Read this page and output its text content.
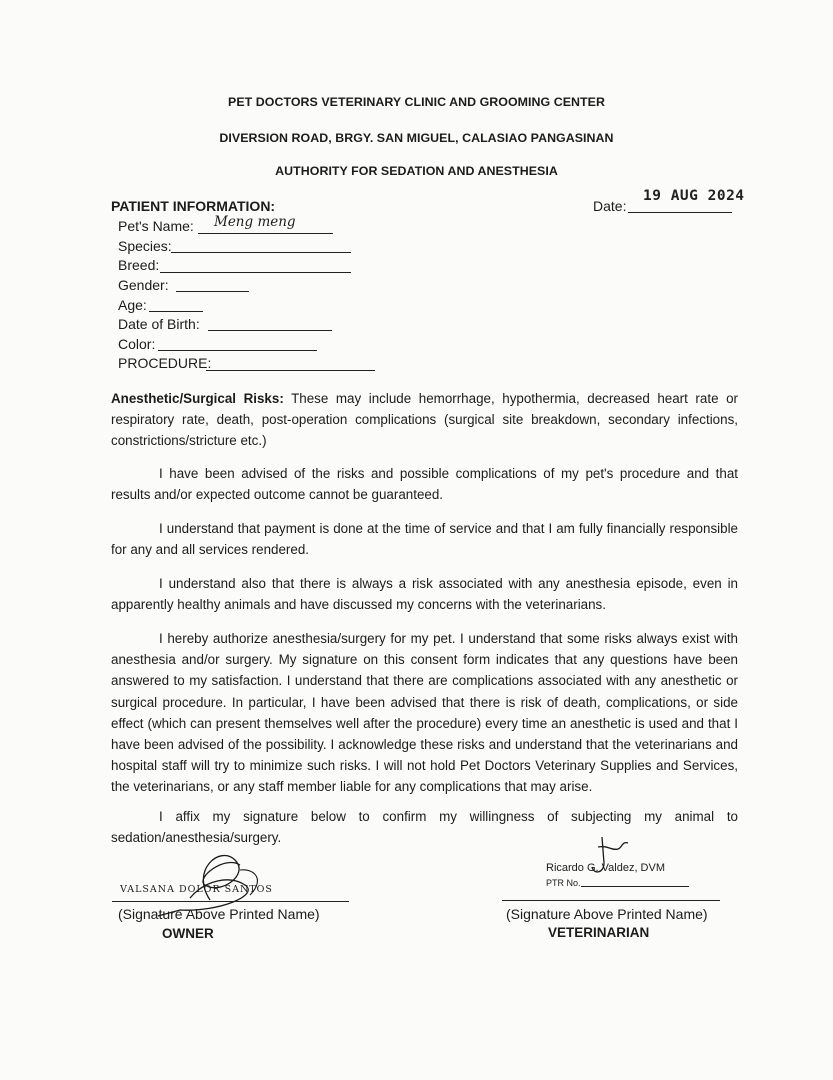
PET DOCTORS VETERINARY CLINIC AND GROOMING CENTER
DIVERSION ROAD, BRGY. SAN MIGUEL, CALASIAO PANGASINAN
AUTHORITY FOR SEDATION AND ANESTHESIA
PATIENT INFORMATION:	Date:
19 AUG 2024
Pet's Name: Meng meng
Species:
Breed:
Gender:
Age:
Date of Birth:
Color:
PROCEDURE:
Anesthetic/Surgical Risks: These may include hemorrhage, hypothermia, decreased heart rate or respiratory rate, death, post-operation complications (surgical site breakdown, secondary infections, constrictions/stricture etc.)
I have been advised of the risks and possible complications of my pet's procedure and that results and/or expected outcome cannot be guaranteed.
I understand that payment is done at the time of service and that I am fully financially responsible for any and all services rendered.
I understand also that there is always a risk associated with any anesthesia episode, even in apparently healthy animals and have discussed my concerns with the veterinarians.
I hereby authorize anesthesia/surgery for my pet. I understand that some risks always exist with anesthesia and/or surgery. My signature on this consent form indicates that any questions have been answered to my satisfaction. I understand that there are complications associated with any anesthetic or surgical procedure. In particular, I have been advised that there is risk of death, complications, or side effect (which can present themselves well after the procedure) every time an anesthetic is used and that I have been advised of the possibility. I acknowledge these risks and understand that the veterinarians and hospital staff will try to minimize such risks. I will not hold Pet Doctors Veterinary Supplies and Services, the veterinarians, or any staff member liable for any complications that may arise.
I affix my signature below to confirm my willingness of subjecting my animal to sedation/anesthesia/surgery.
VALSANA DOLOR SANTOS
(Signature Above Printed Name)
OWNER
Ricardo G. Valdez, DVM
PTR No.
(Signature Above Printed Name)
VETERINARIAN
